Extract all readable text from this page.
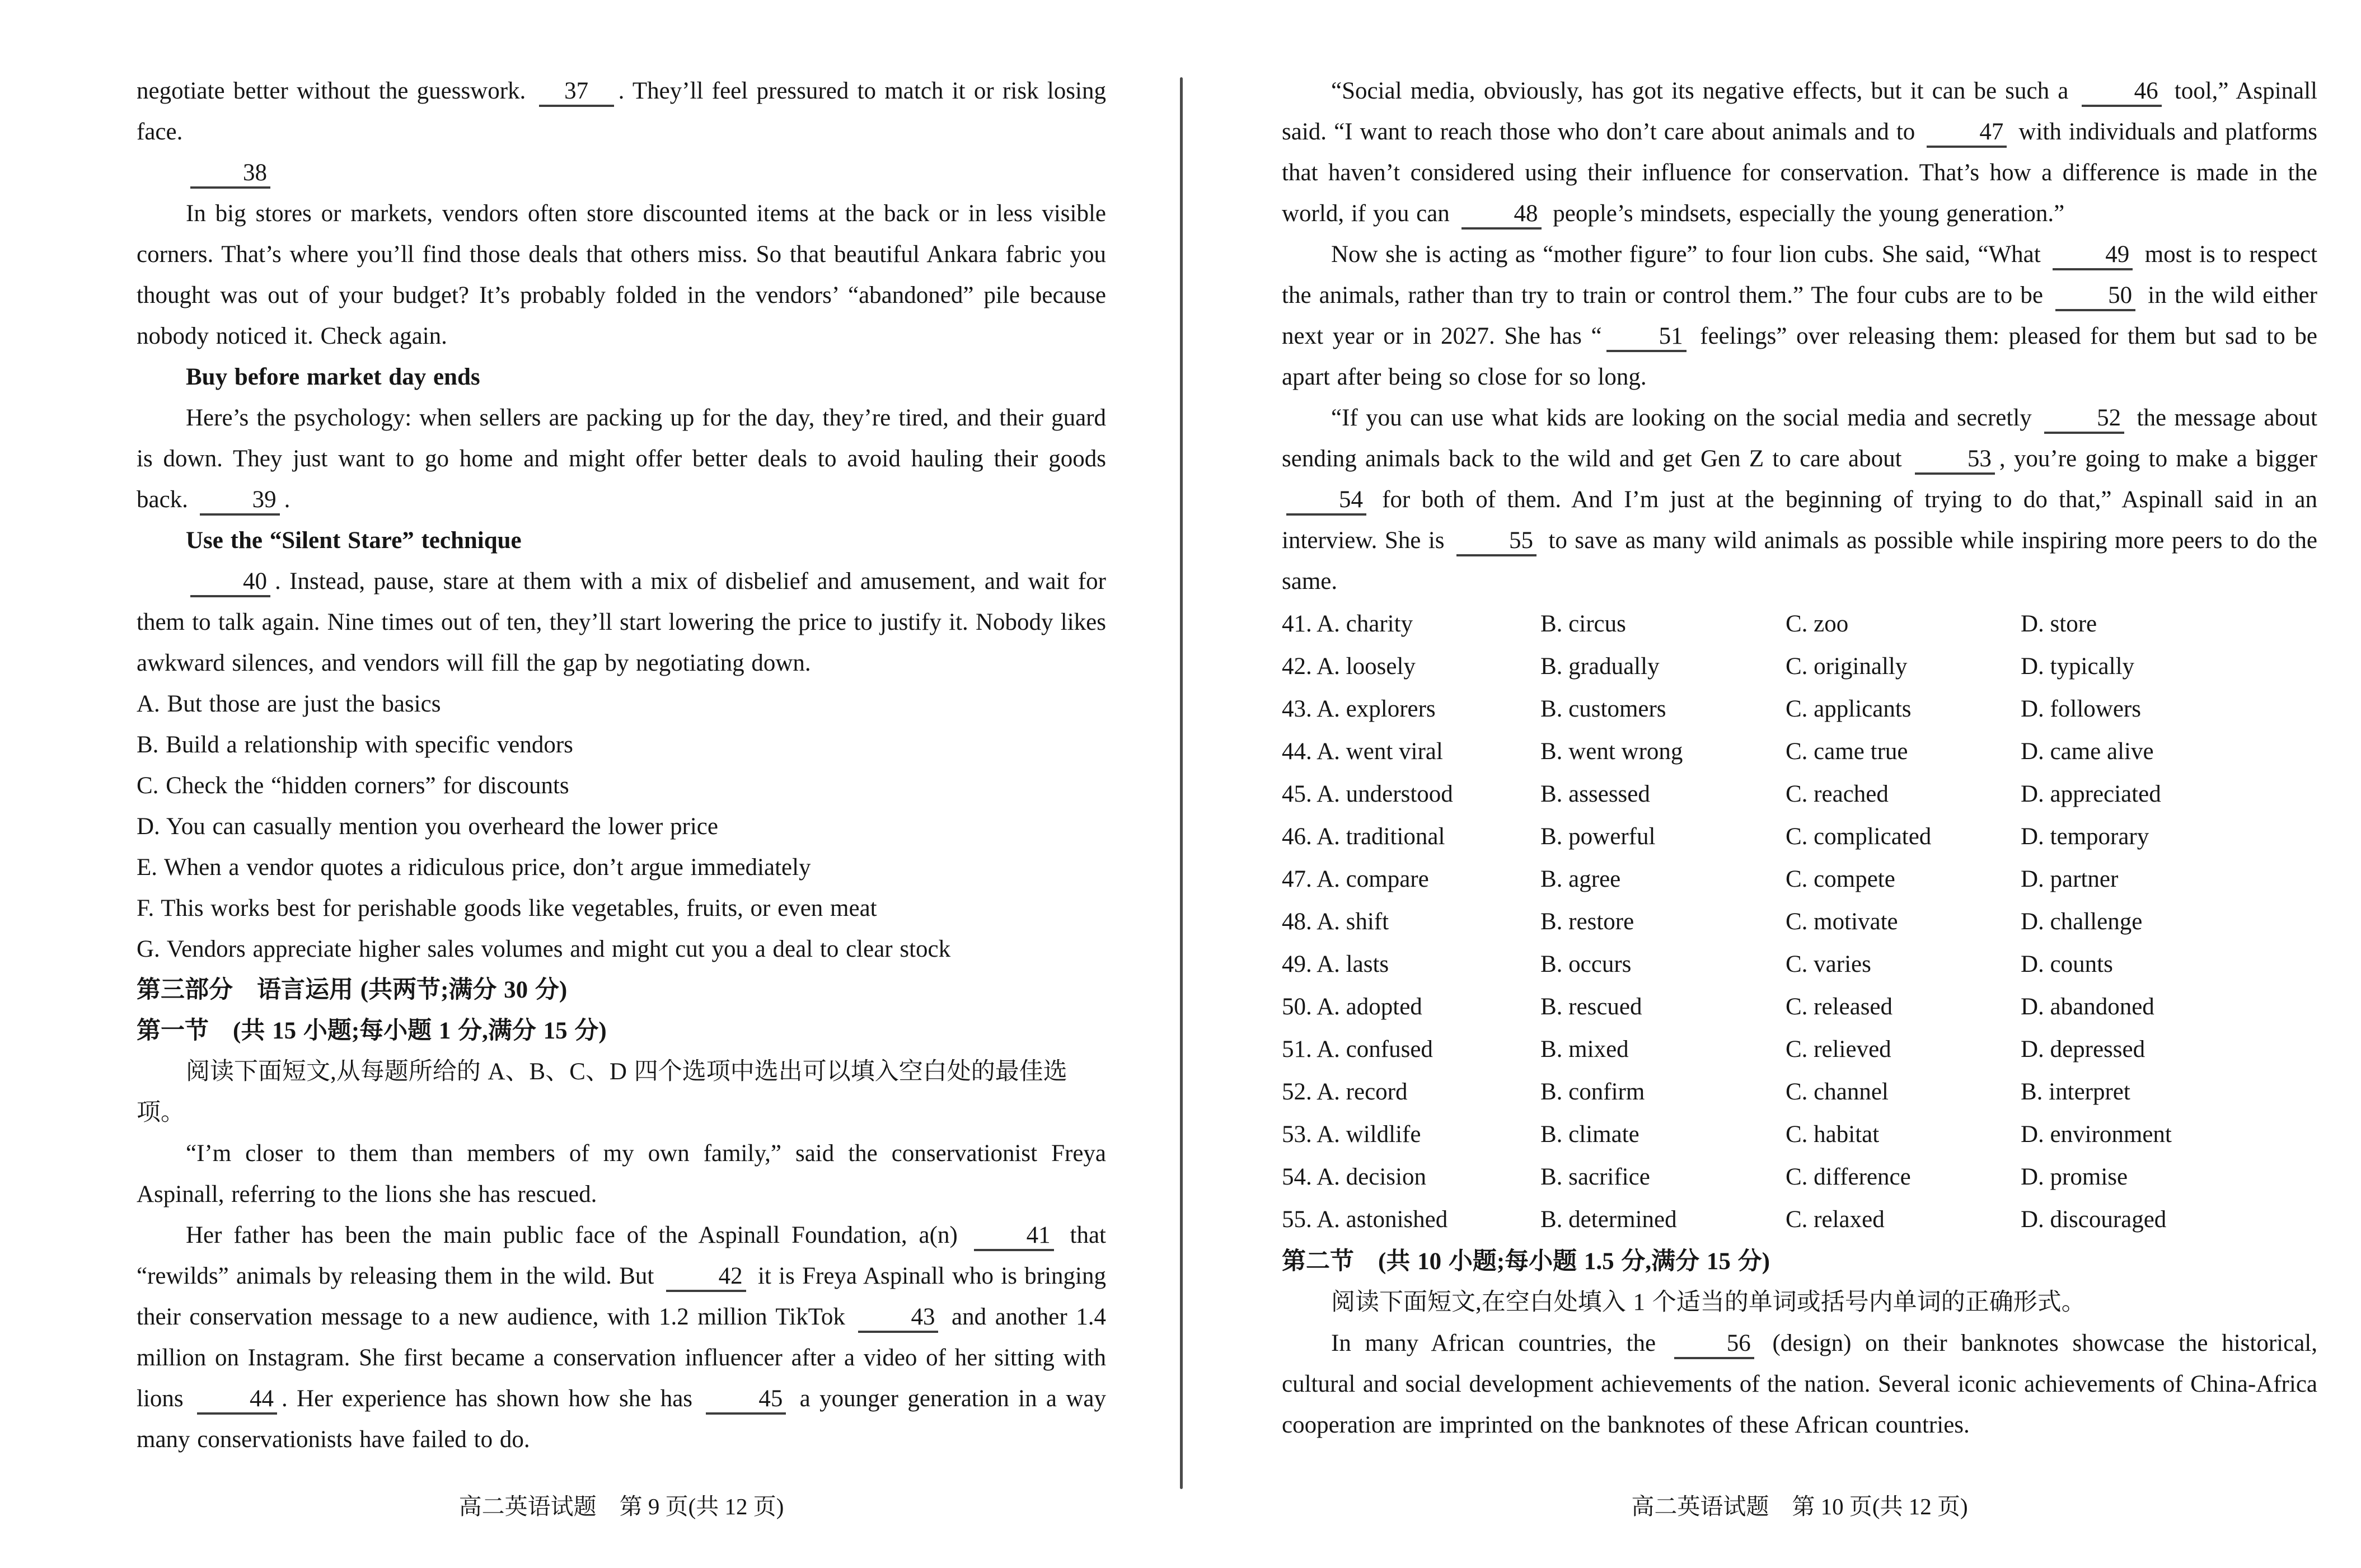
negotiate better without the guesswork. 37 . They’ll feel pressured to match it or risk losing face.

38

In big stores or markets, vendors often store discounted items at the back or in less visible corners. That’s where you’ll find those deals that others miss. So that beautiful Ankara fabric you thought was out of your budget? It’s probably folded in the vendors’ “abandoned” pile because nobody noticed it. Check again.

Buy before market day ends

Here’s the psychology: when sellers are packing up for the day, they’re tired, and their guard is down. They just want to go home and might offer better deals to avoid hauling their goods back. 39 .

Use the “Silent Stare” technique

40 . Instead, pause, stare at them with a mix of disbelief and amusement, and wait for them to talk again. Nine times out of ten, they’ll start lowering the price to justify it. Nobody likes awkward silences, and vendors will fill the gap by negotiating down.

A. But those are just the basics

B. Build a relationship with specific vendors

C. Check the “hidden corners” for discounts

D. You can casually mention you overheard the lower price

E. When a vendor quotes a ridiculous price, don’t argue immediately

F. This works best for perishable goods like vegetables, fruits, or even meat

G. Vendors appreciate higher sales volumes and might cut you a deal to clear stock

第三部分　语言运用 (共两节;满分 30 分)

第一节　(共 15 小题;每小题 1 分,满分 15 分)

阅读下面短文,从每题所给的 A、B、C、D 四个选项中选出可以填入空白处的最佳选项。

“I’m closer to them than members of my own family,” said the conservationist Freya Aspinall, referring to the lions she has rescued.

Her father has been the main public face of the Aspinall Foundation, a(n) 41 that “rewilds” animals by releasing them in the wild. But 42 it is Freya Aspinall who is bringing their conservation message to a new audience, with 1.2 million TikTok 43 and another 1.4 million on Instagram. She first became a conservation influencer after a video of her sitting with lions 44 . Her experience has shown how she has 45 a younger generation in a way many conservationists have failed to do.

“Social media, obviously, has got its negative effects, but it can be such a 46 tool,” Aspinall said. “I want to reach those who don’t care about animals and to 47 with individuals and platforms that haven’t considered using their influence for conservation. That’s how a difference is made in the world, if you can 48 people’s mindsets, especially the young generation.”

Now she is acting as “mother figure” to four lion cubs. She said, “What 49 most is to respect the animals, rather than try to train or control them.” The four cubs are to be 50 in the wild either next year or in 2027. She has “ 51 feelings” over releasing them: pleased for them but sad to be apart after being so close for so long.

“If you can use what kids are looking on the social media and secretly 52 the message about sending animals back to the wild and get Gen Z to care about 53 , you’re going to make a bigger 54 for both of them. And I’m just at the beginning of trying to do that,” Aspinall said in an interview. She is 55 to save as many wild animals as possible while inspiring more peers to do the same.

41. A. charity	B. circus	C. zoo	D. store
42. A. loosely	B. gradually	C. originally	D. typically
43. A. explorers	B. customers	C. applicants	D. followers
44. A. went viral	B. went wrong	C. came true	D. came alive
45. A. understood	B. assessed	C. reached	D. appreciated
46. A. traditional	B. powerful	C. complicated	D. temporary
47. A. compare	B. agree	C. compete	D. partner
48. A. shift	B. restore	C. motivate	D. challenge
49. A. lasts	B. occurs	C. varies	D. counts
50. A. adopted	B. rescued	C. released	D. abandoned
51. A. confused	B. mixed	C. relieved	D. depressed
52. A. record	B. confirm	C. channel	B. interpret
53. A. wildlife	B. climate	C. habitat	D. environment
54. A. decision	B. sacrifice	C. difference	D. promise
55. A. astonished	B. determined	C. relaxed	D. discouraged

第二节　(共 10 小题;每小题 1.5 分,满分 15 分)

阅读下面短文,在空白处填入 1 个适当的单词或括号内单词的正确形式。

In many African countries, the 56 (design) on their banknotes showcase the historical, cultural and social development achievements of the nation. Several iconic achievements of China-Africa cooperation are imprinted on the banknotes of these African countries.

高二英语试题　第 9 页(共 12 页)	高二英语试题　第 10 页(共 12 页)
